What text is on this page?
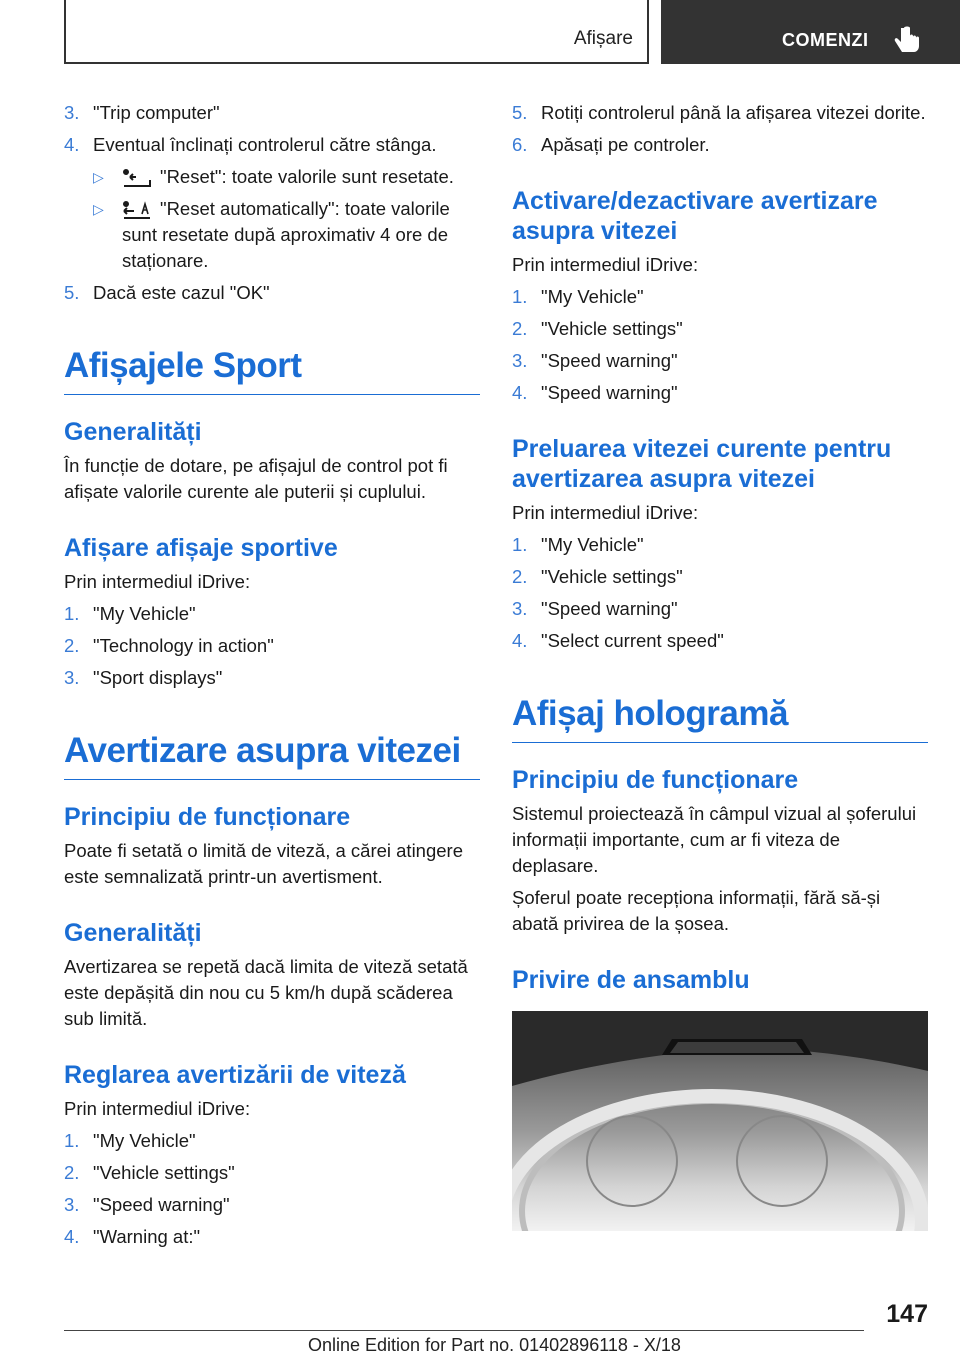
Afișare	COMENZI
3. "Trip computer"
4. Eventual înclinați controlerul către stânga.
▷	"Reset": toate valorile sunt resetate.
▷	"Reset automatically": toate valorile sunt resetate după aproximativ 4 ore de staționare.
5. Dacă este cazul "OK"
Afișajele Sport
Generalități

În funcție de dotare, pe afișajul de control pot fi afișate valorile curente ale puterii și cuplului.

Afișare afișaje sportive

Prin intermediul iDrive:

1. "My Vehicle"
2. "Technology in action"
3. "Sport displays"
Avertizare asupra vitezei
Principiu de funcționare

Poate fi setată o limită de viteză, a cărei atingere este semnalizată printr-un avertisment.

Generalități

Avertizarea se repetă dacă limita de viteză setată este depășită din nou cu 5 km/h după scăderea sub limită.

Reglarea avertizării de viteză

Prin intermediul iDrive:

1. "My Vehicle"
2. "Vehicle settings"
3. "Speed warning"
4. "Warning at:"
5. Rotiți controlerul până la afișarea vitezei dorite.
6. Apăsați pe controler.
Activare/dezactivare avertizare asupra vitezei

Prin intermediul iDrive:

1. "My Vehicle"
2. "Vehicle settings"
3. "Speed warning"
4. "Speed warning"
Preluarea vitezei curente pentru avertizarea asupra vitezei

Prin intermediul iDrive:

1. "My Vehicle"
2. "Vehicle settings"
3. "Speed warning"
4. "Select current speed"
Afișaj hologramă
Principiu de funcționare

Sistemul proiectează în câmpul vizual al șoferului informații importante, cum ar fi viteza de deplasare.

Șoferul poate recepționa informații, fără să-și abată privirea de la șosea.

Privire de ansamblu
147
Online Edition for Part no. 01402896118 - X/18
